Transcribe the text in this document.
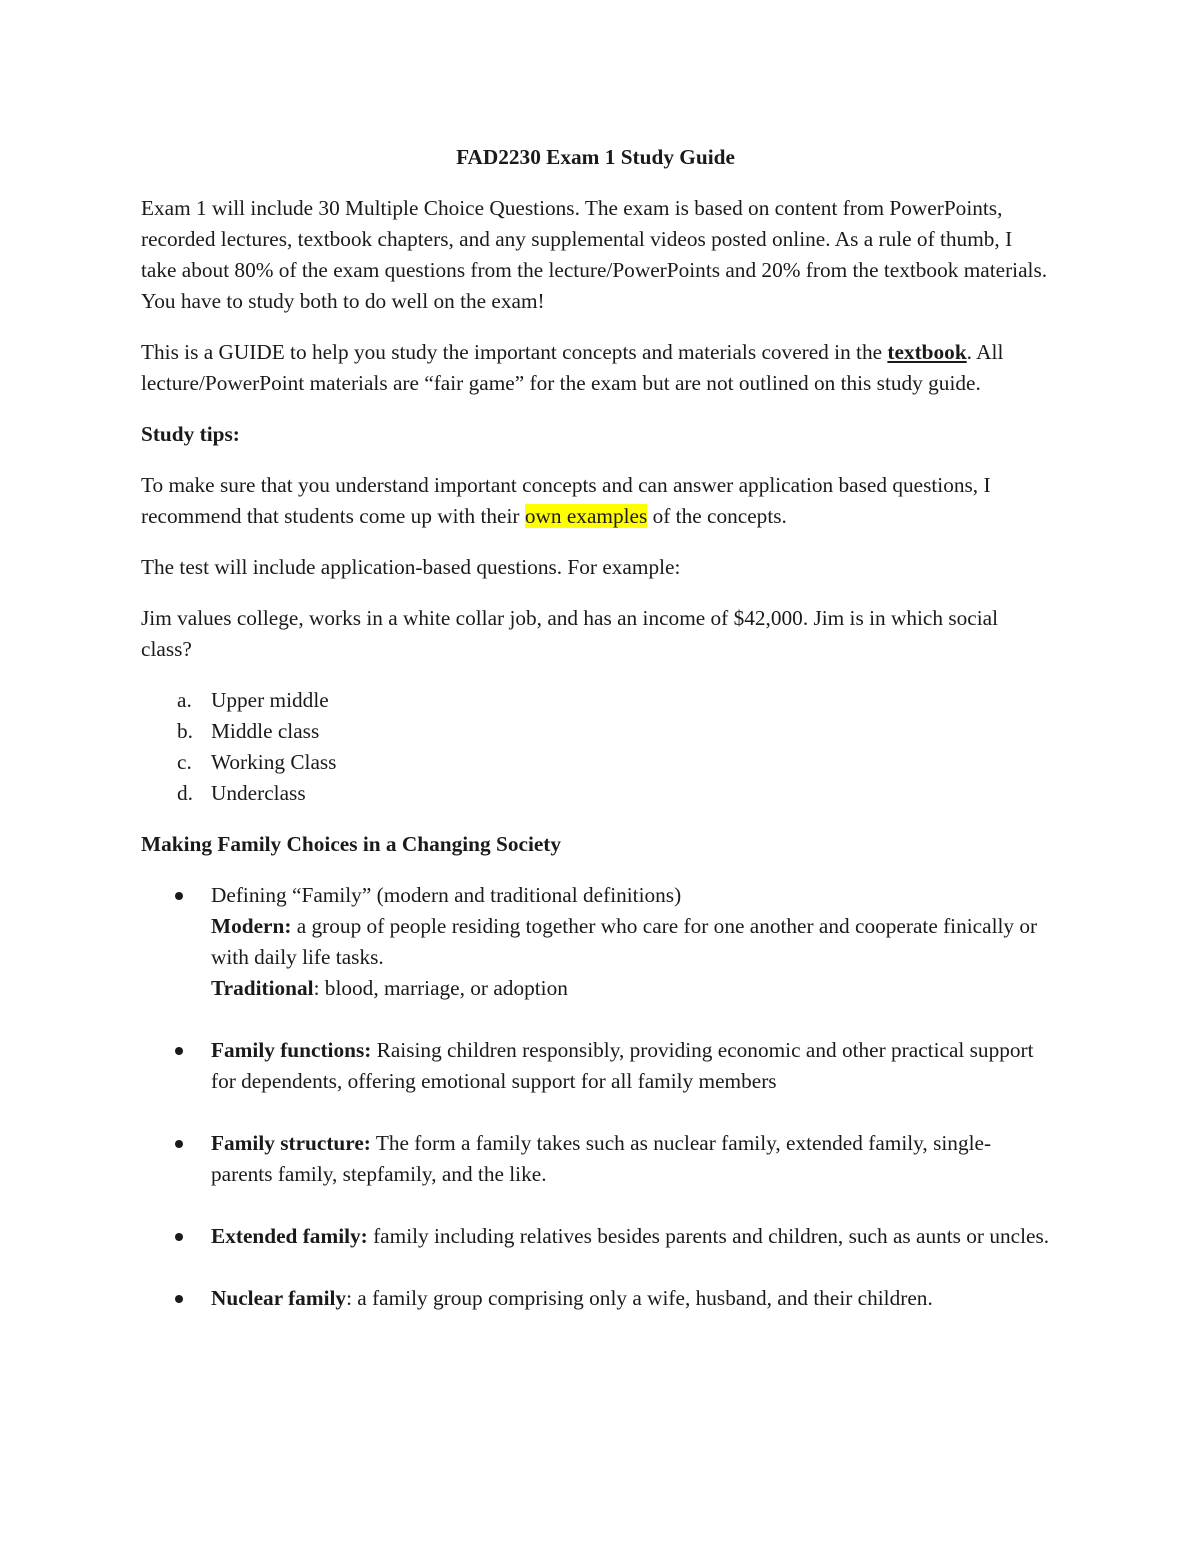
FAD2230 Exam 1 Study Guide

Exam 1 will include 30 Multiple Choice Questions. The exam is based on content from PowerPoints, recorded lectures, textbook chapters, and any supplemental videos posted online. As a rule of thumb, I take about 80% of the exam questions from the lecture/PowerPoints and 20% from the textbook materials. You have to study both to do well on the exam!

This is a GUIDE to help you study the important concepts and materials covered in the textbook. All lecture/PowerPoint materials are “fair game” for the exam but are not outlined on this study guide.

Study tips:

To make sure that you understand important concepts and can answer application based questions, I recommend that students come up with their own examples of the concepts.

The test will include application-based questions. For example:

Jim values college, works in a white collar job, and has an income of $42,000. Jim is in which social class?

a. Upper middle
b. Middle class
c. Working Class
d. Underclass
Making Family Choices in a Changing Society
Defining “Family” (modern and traditional definitions)
Modern: a group of people residing together who care for one another and cooperate finically or with daily life tasks.
Traditional: blood, marriage, or adoption
Family functions: Raising children responsibly, providing economic and other practical support for dependents, offering emotional support for all family members
Family structure: The form a family takes such as nuclear family, extended family, single-parents family, stepfamily, and the like.
Extended family: family including relatives besides parents and children, such as aunts or uncles.
Nuclear family: a family group comprising only a wife, husband, and their children.
